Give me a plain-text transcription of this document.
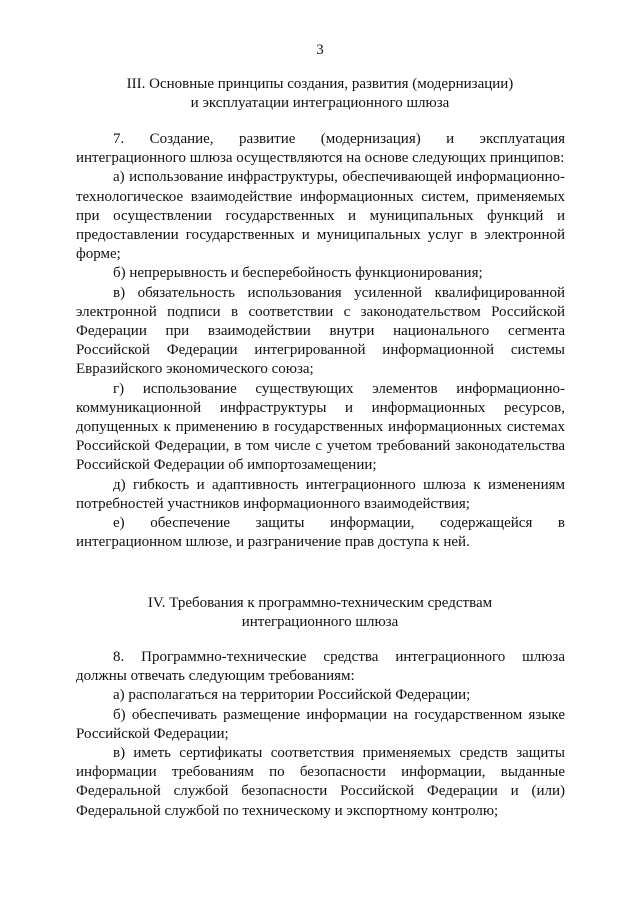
3
III. Основные принципы создания, развития (модернизации)
и эксплуатации интеграционного шлюза

7. Создание, развитие (модернизация) и эксплуатация интеграционного шлюза осуществляются на основе следующих принципов:

а) использование инфраструктуры, обеспечивающей информационно-технологическое взаимодействие информационных систем, применяемых при осуществлении государственных и муниципальных функций и предоставлении государственных и муниципальных услуг в электронной форме;

б) непрерывность и бесперебойность функционирования;

в) обязательность использования усиленной квалифицированной электронной подписи в соответствии с законодательством Российской Федерации при взаимодействии внутри национального сегмента Российской Федерации интегрированной информационной системы Евразийского экономического союза;

г) использование существующих элементов информационно-коммуникационной инфраструктуры и информационных ресурсов, допущенных к применению в государственных информационных системах Российской Федерации, в том числе с учетом требований законодательства Российской Федерации об импортозамещении;

д) гибкость и адаптивность интеграционного шлюза к изменениям потребностей участников информационного взаимодействия;

е) обеспечение защиты информации, содержащейся в интеграционном шлюзе, и разграничение прав доступа к ней.

IV. Требования к программно-техническим средствам
интеграционного шлюза

8. Программно-технические средства интеграционного шлюза должны отвечать следующим требованиям:

а) располагаться на территории Российской Федерации;

б) обеспечивать размещение информации на государственном языке Российской Федерации;

в) иметь сертификаты соответствия применяемых средств защиты информации требованиям по безопасности информации, выданные Федеральной службой безопасности Российской Федерации и (или) Федеральной службой по техническому и экспортному контролю;
